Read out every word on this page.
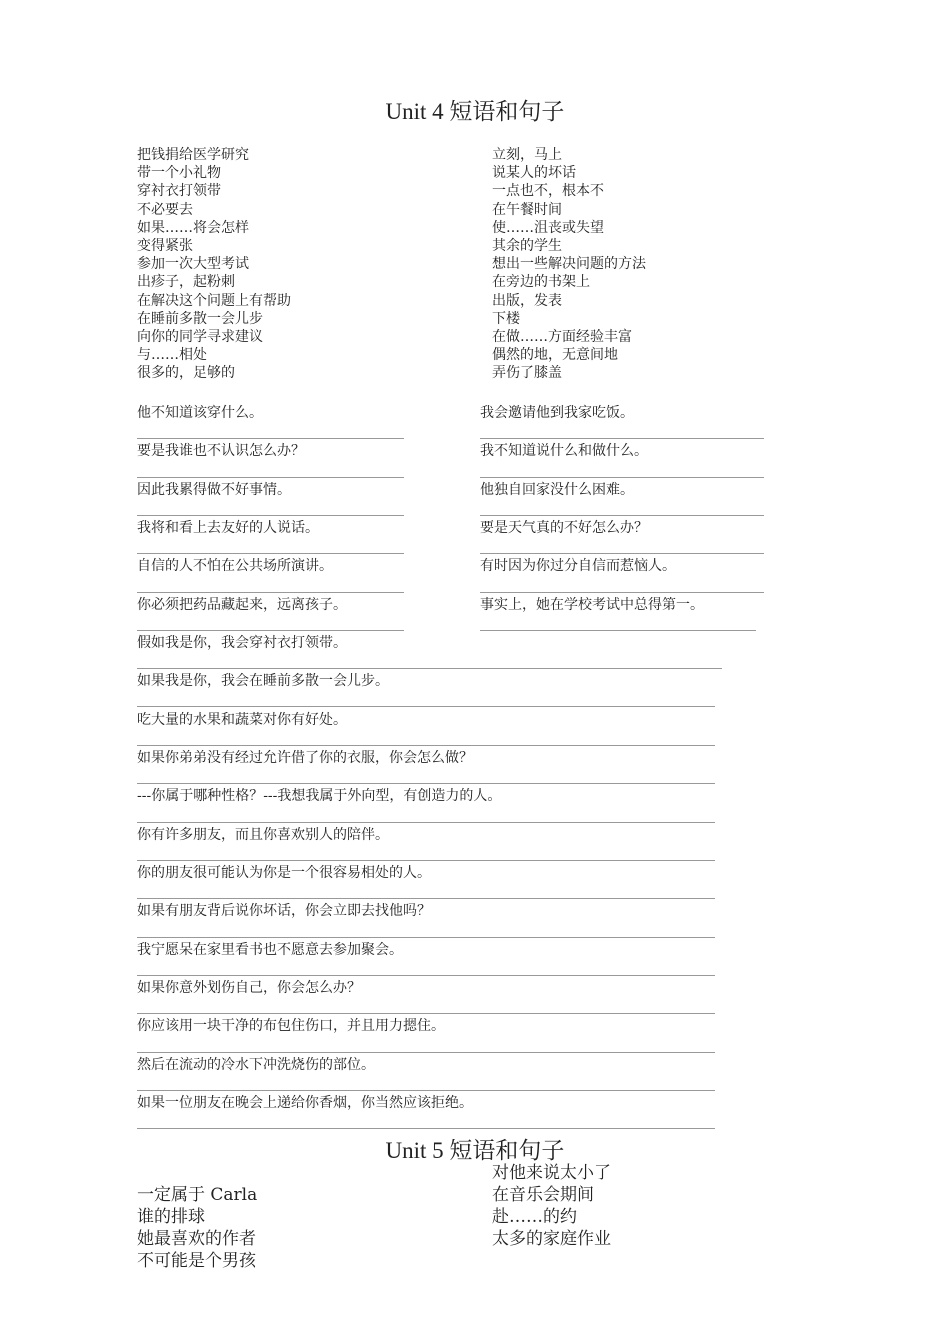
Unit 4 短语和句子
把钱捐给医学研究
带一个小礼物
穿衬衣打领带
不必要去
如果……将会怎样
变得紧张
参加一次大型考试
出疹子，起粉刺
在解决这个问题上有帮助
在睡前多散一会儿步
向你的同学寻求建议
与……相处
很多的，足够的
立刻，马上
说某人的坏话
一点也不，根本不
在午餐时间
使……沮丧或失望
其余的学生
想出一些解决问题的方法
在旁边的书架上
出版，发表
下楼
在做……方面经验丰富
偶然的地，无意间地
弄伤了膝盖
他不知道该穿什么。
要是我谁也不认识怎么办？
因此我累得做不好事情。
我将和看上去友好的人说话。
自信的人不怕在公共场所演讲。
你必须把药品藏起来，远离孩子。
我会邀请他到我家吃饭。
我不知道说什么和做什么。
他独自回家没什么困难。
要是天气真的不好怎么办？
有时因为你过分自信而惹恼人。
事实上，她在学校考试中总得第一。
假如我是你，我会穿衬衣打领带。
如果我是你，我会在睡前多散一会儿步。
吃大量的水果和蔬菜对你有好处。
如果你弟弟没有经过允许借了你的衣服，你会怎么做？
---你属于哪种性格？---我想我属于外向型，有创造力的人。
你有许多朋友，而且你喜欢别人的陪伴。
你的朋友很可能认为你是一个很容易相处的人。
如果有朋友背后说你坏话，你会立即去找他吗？
我宁愿呆在家里看书也不愿意去参加聚会。
如果你意外划伤自己，你会怎么办？
你应该用一块干净的布包住伤口，并且用力摁住。
然后在流动的冷水下冲洗烧伤的部位。
如果一位朋友在晚会上递给你香烟，你当然应该拒绝。
Unit 5 短语和句子
对他来说太小了
在音乐会期间
赴……的约
太多的家庭作业
一定属于 Carla
谁的排球
她最喜欢的作者
不可能是个男孩
